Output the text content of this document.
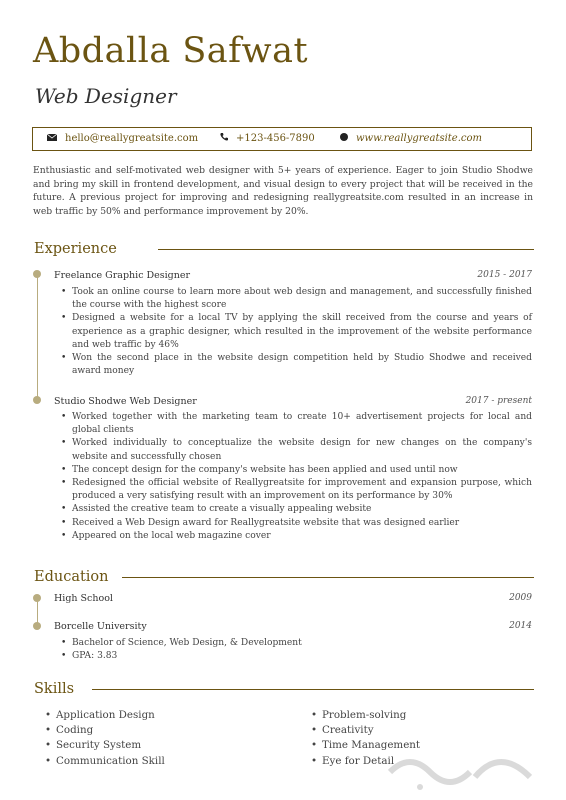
Abdalla Safwat
Web Designer
hello@reallygreatsite.com	+123-456-7890	www.reallygreatsite.com

Enthusiastic and self-motivated web designer with 5+ years of experience. Eager to join Studio Shodwe and bring my skill in frontend development, and visual design to every project that will be received in the future. A previous project for improving and redesigning reallygreatsite.com resulted in an increase in web traffic by 50% and performance improvement by 20%.

Experience
Freelance Graphic Designer	2015 - 2017
• Took an online course to learn more about web design and management, and successfully finished the course with the highest score
• Designed a website for a local TV by applying the skill received from the course and years of experience as a graphic designer, which resulted in the improvement of the website performance and web traffic by 46%
• Won the second place in the website design competition held by Studio Shodwe and received award money
Studio Shodwe Web Designer	2017 - present
• Worked together with the marketing team to create 10+ advertisement projects for local and global clients
• Worked individually to conceptualize the website design for new changes on the company's website and successfully chosen
• The concept design for the company's website has been applied and used until now
• Redesigned the official website of Reallygreatsite for improvement and expansion purpose, which produced a very satisfying result with an improvement on its performance by 30%
• Assisted the creative team to create a visually appealing website
• Received a Web Design award for Reallygreatsite website that was designed earlier
• Appeared on the local web magazine cover
Education
High School	2009
Borcelle University	2014
• Bachelor of Science, Web Design, & Development
• GPA: 3.83
Skills
• Application Design
• Coding
• Security System
• Communication Skill
• Problem-solving
• Creativity
• Time Management
• Eye for Detail
